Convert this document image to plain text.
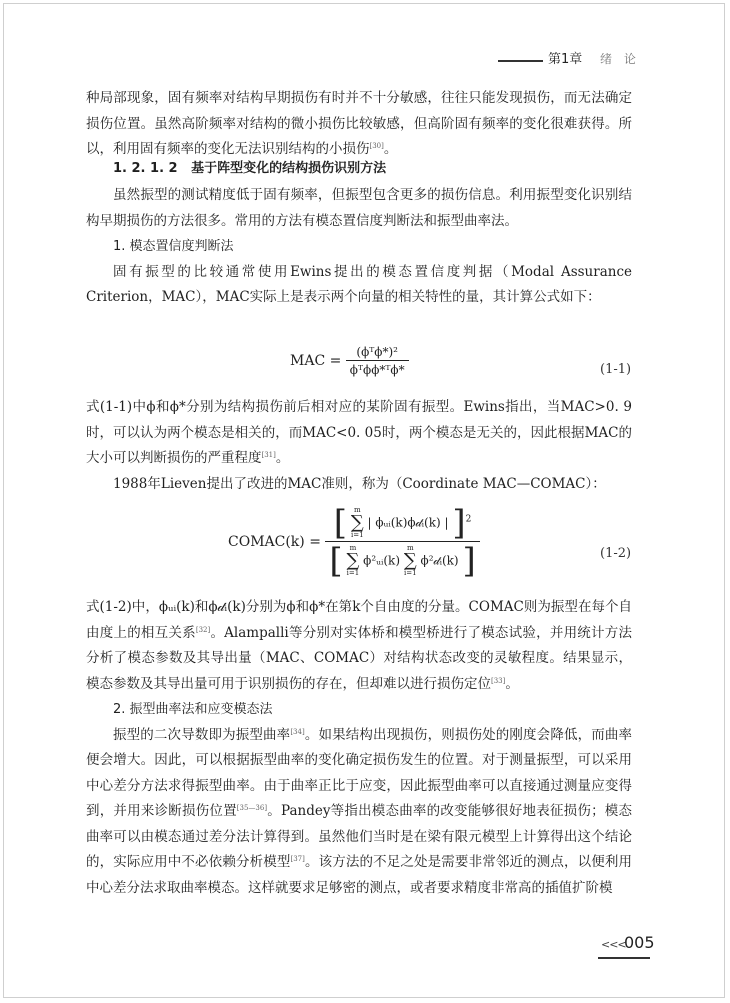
第1章 绪 论

种局部现象，固有频率对结构早期损伤有时并不十分敏感，往往只能发现损伤，而无法确定损伤位置。虽然高阶频率对结构的微小损伤比较敏感，但高阶固有频率的变化很难获得。所以，利用固有频率的变化无法识别结构的小损伤[30]。

1. 2. 1. 2 基于阵型变化的结构损伤识别方法

虽然振型的测试精度低于固有频率，但振型包含更多的损伤信息。利用振型变化识别结构早期损伤的方法很多。常用的方法有模态置信度判断法和振型曲率法。

1. 模态置信度判断法

固有振型的比较通常使用Ewins提出的模态置信度判据（Modal Assurance Criterion，MAC），MAC实际上是表示两个向量的相关特性的量，其计算公式如下：

MAC = $\frac{\text{(ϕᵀϕ*)²}}{\text{ϕᵀϕϕ*ᵀϕ*}}$	(1-1)

式(1-1)中ϕ和ϕ*分别为结构损伤前后相对应的某阶固有振型。Ewins指出，当MAC>0. 9时，可以认为两个模态是相关的，而MAC<0. 05时，两个模态是无关的，因此根据MAC的大小可以判断损伤的严重程度[31]。

1988年Lieven提出了改进的MAC准则，称为（Coordinate MAC—COMAC）：

COMAC(k) = [ m
∑
i=1
| ϕᵤᵢ(k)ϕ𝒹ᵢ(k) | ]$^2$
[ m
∑
i=1
ϕ²ᵤᵢ(k)
m
∑
i=1
ϕ²𝒹ᵢ(k) ]	(1-2)

式(1-2)中，ϕᵤᵢ(k)和ϕ𝒹ᵢ(k)分别为ϕ和ϕ*在第k个自由度的分量。COMAC则为振型在每个自由度上的相互关系[32]。Alampalli等分别对实体桥和模型桥进行了模态试验，并用统计方法分析了模态参数及其导出量（MAC、COMAC）对结构状态改变的灵敏程度。结果显示，模态参数及其导出量可用于识别损伤的存在，但却难以进行损伤定位[33]。

2. 振型曲率法和应变模态法

振型的二次导数即为振型曲率[34]。如果结构出现损伤，则损伤处的刚度会降低，而曲率便会增大。因此，可以根据振型曲率的变化确定损伤发生的位置。对于测量振型，可以采用中心差分方法求得振型曲率。由于曲率正比于应变，因此振型曲率可以直接通过测量应变得到，并用来诊断损伤位置[35—36]。Pandey等指出模态曲率的改变能够很好地表征损伤；模态曲率可以由模态通过差分法计算得到。虽然他们当时是在梁有限元模型上计算得出这个结论的，实际应用中不必依赖分析模型[37]。该方法的不足之处是需要非常邻近的测点，以便利用中心差分法求取曲率模态。这样就要求足够密的测点，或者要求精度非常高的插值扩阶模

<<<
005
